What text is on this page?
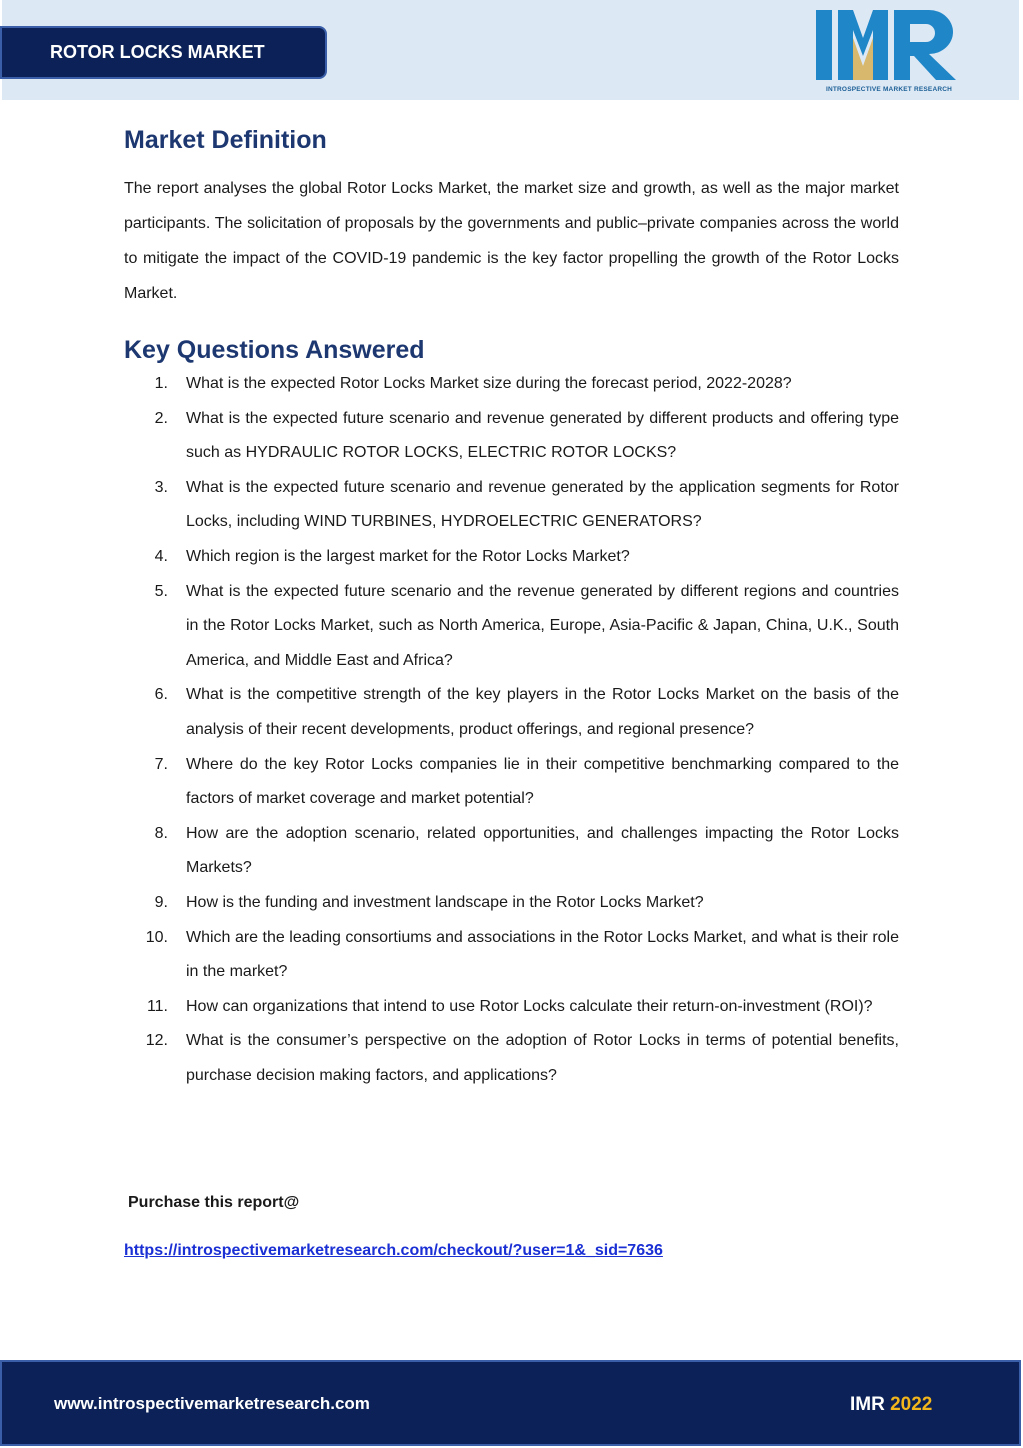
ROTOR LOCKS MARKET
INTROSPECTIVE MARKET RESEARCH
Market Definition

The report analyses the global Rotor Locks Market, the market size and growth, as well as the major market participants. The solicitation of proposals by the governments and public–private companies across the world to mitigate the impact of the COVID-19 pandemic is the key factor propelling the growth of the Rotor Locks Market.

Key Questions Answered
1. What is the expected Rotor Locks Market size during the forecast period, 2022-2028?
2. What is the expected future scenario and revenue generated by different products and offering type such as HYDRAULIC ROTOR LOCKS, ELECTRIC ROTOR LOCKS?
3. What is the expected future scenario and revenue generated by the application segments for Rotor Locks, including WIND TURBINES, HYDROELECTRIC GENERATORS?
4. Which region is the largest market for the Rotor Locks Market?
5. What is the expected future scenario and the revenue generated by different regions and countries in the Rotor Locks Market, such as North America, Europe, Asia-Pacific & Japan, China, U.K., South America, and Middle East and Africa?
6. What is the competitive strength of the key players in the Rotor Locks Market on the basis of the analysis of their recent developments, product offerings, and regional presence?
7. Where do the key Rotor Locks companies lie in their competitive benchmarking compared to the factors of market coverage and market potential?
8. How are the adoption scenario, related opportunities, and challenges impacting the Rotor Locks Markets?
9. How is the funding and investment landscape in the Rotor Locks Market?
10. Which are the leading consortiums and associations in the Rotor Locks Market, and what is their role in the market?
11. How can organizations that intend to use Rotor Locks calculate their return-on-investment (ROI)?
12. What is the consumer’s perspective on the adoption of Rotor Locks in terms of potential benefits, purchase decision making factors, and applications?
Purchase this report@
https://introspectivemarketresearch.com/checkout/?user=1&_sid=7636
www.introspectivemarketresearch.com	IMR 2022
